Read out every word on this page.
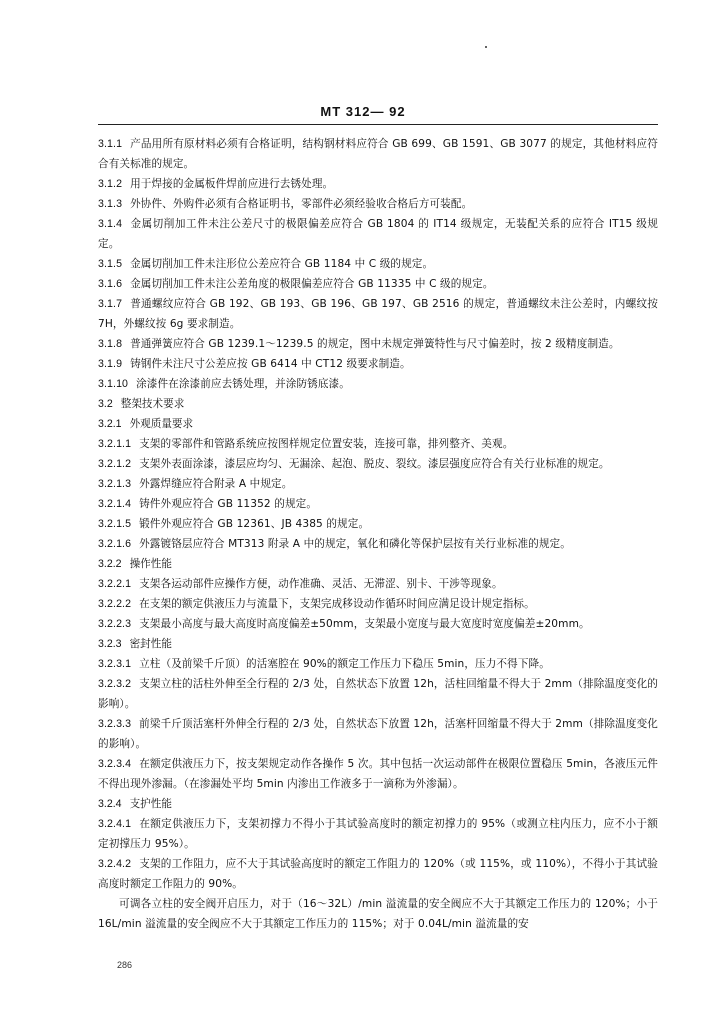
MT 312— 92
3.1.1 产品用所有原材料必须有合格证明，结构钢材料应符合 GB 699、GB 1591、GB 3077 的规定，其他材料应符合有关标准的规定。
3.1.2 用于焊接的金属板件焊前应进行去锈处理。
3.1.3 外协件、外购件必须有合格证明书，零部件必须经验收合格后方可装配。
3.1.4 金属切削加工件未注公差尺寸的极限偏差应符合 GB 1804 的 IT14 级规定，无装配关系的应符合 IT15 级规定。
3.1.5 金属切削加工件未注形位公差应符合 GB 1184 中 C 级的规定。
3.1.6 金属切削加工件未注公差角度的极限偏差应符合 GB 11335 中 C 级的规定。
3.1.7 普通螺纹应符合 GB 192、GB 193、GB 196、GB 197、GB 2516 的规定，普通螺纹未注公差时，内螺纹按 7H，外螺纹按 6g 要求制造。
3.1.8 普通弹簧应符合 GB 1239.1～1239.5 的规定，图中未规定弹簧特性与尺寸偏差时，按 2 级精度制造。
3.1.9 铸钢件未注尺寸公差应按 GB 6414 中 CT12 级要求制造。
3.1.10 涂漆件在涂漆前应去锈处理，并涂防锈底漆。
3.2 整架技术要求
3.2.1 外观质量要求
3.2.1.1 支架的零部件和管路系统应按图样规定位置安装，连接可靠，排列整齐、美观。
3.2.1.2 支架外表面涂漆，漆层应均匀、无漏涂、起泡、脱皮、裂纹。漆层强度应符合有关行业标准的规定。
3.2.1.3 外露焊缝应符合附录 A 中规定。
3.2.1.4 铸件外观应符合 GB 11352 的规定。
3.2.1.5 锻件外观应符合 GB 12361、JB 4385 的规定。
3.2.1.6 外露镀铬层应符合 MT313 附录 A 中的规定，氧化和磷化等保护层按有关行业标准的规定。
3.2.2 操作性能
3.2.2.1 支架各运动部件应操作方便，动作准确、灵活、无滞涩、别卡、干涉等现象。
3.2.2.2 在支架的额定供液压力与流量下，支架完成移设动作循环时间应满足设计规定指标。
3.2.2.3 支架最小高度与最大高度时高度偏差±50mm，支架最小宽度与最大宽度时宽度偏差±20mm。
3.2.3 密封性能
3.2.3.1 立柱（及前梁千斤顶）的活塞腔在 90%的额定工作压力下稳压 5min，压力不得下降。
3.2.3.2 支架立柱的活柱外伸至全行程的 2/3 处，自然状态下放置 12h，活柱回缩量不得大于 2mm（排除温度变化的影响）。
3.2.3.3 前梁千斤顶活塞杆外伸全行程的 2/3 处，自然状态下放置 12h，活塞杆回缩量不得大于 2mm（排除温度变化的影响）。
3.2.3.4 在额定供液压力下，按支架规定动作各操作 5 次。其中包括一次运动部件在极限位置稳压 5min，各液压元件不得出现外渗漏。（在渗漏处平均 5min 内渗出工作液多于一滴称为外渗漏）。
3.2.4 支护性能
3.2.4.1 在额定供液压力下，支架初撑力不得小于其试验高度时的额定初撑力的 95%（或测立柱内压力，应不小于额定初撑压力 95%）。
3.2.4.2 支架的工作阻力，应不大于其试验高度时的额定工作阻力的 120%（或 115%，或 110%），不得小于其试验高度时额定工作阻力的 90%。
可调各立柱的安全阀开启压力，对于（16～32L）/min 溢流量的安全阀应不大于其额定工作压力的 120%；小于 16L/min 溢流量的安全阀应不大于其额定工作压力的 115%；对于 0.04L/min 溢流量的安
286
